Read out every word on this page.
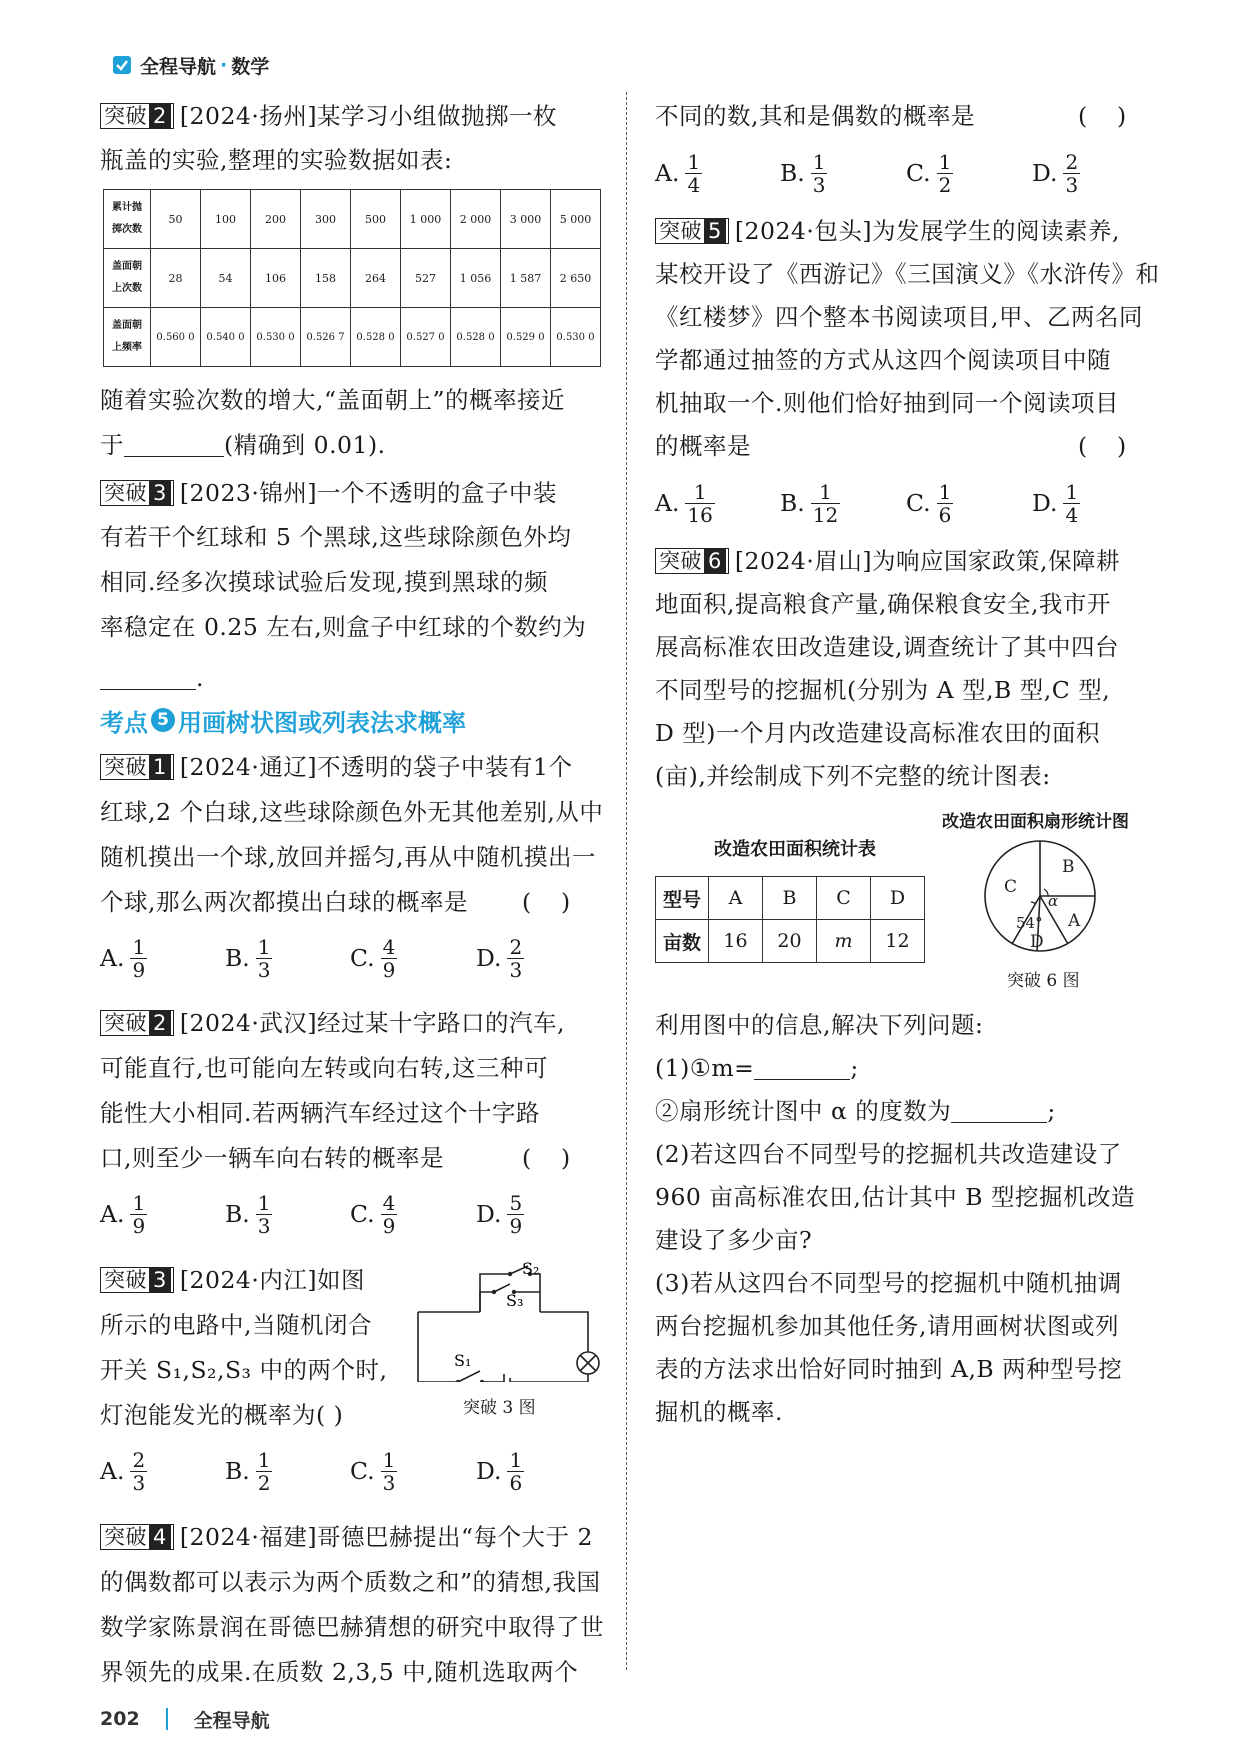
全程导航 · 数学
突破 2 [2024·扬州]某学习小组做抛掷一枚
瓶盖的实验,整理的实验数据如表:
累计抛
掷次数	50	100	200	300	500	1 000	2 000	3 000	5 000
盖面朝
上次数	28	54	106	158	264	527	1 056	1 587	2 650
盖面朝
上频率	0.560 0	0.540 0	0.530 0	0.526 7	0.528 0	0.527 0	0.528 0	0.529 0	0.530 0
随着实验次数的增大,“盖面朝上”的概率接近
于	(精确到 0.01).
突破 3 [2023·锦州]一个不透明的盒子中装
有若干个红球和 5 个黑球,这些球除颜色外均
相同.经多次摸球试验后发现,摸到黑球的频
率稳定在 0.25 左右,则盒子中红球的个数约为
.
考点 5 用画树状图或列表法求概率
突破 1 [2024·通辽]不透明的袋子中装有1个
红球,2 个白球,这些球除颜色外无其他差别,从中
随机摸出一个球,放回并摇匀,再从中随机摸出一
个球,那么两次都摸出白球的概率是 (    )
A. $\frac{1}{9}$	B. $\frac{1}{3}$	C. $\frac{4}{9}$	D. $\frac{2}{3}$
突破 2 [2024·武汉]经过某十字路口的汽车,
可能直行,也可能向左转或向右转,这三种可
能性大小相同.若两辆汽车经过这个十字路
口,则至少一辆车向右转的概率是	(    )
A. $\frac{1}{9}$	B. $\frac{1}{3}$	C. $\frac{4}{9}$	D. $\frac{5}{9}$
突破 3 [2024·内江]如图
所示的电路中,当随机闭合
开关 S₁,S₂,S₃ 中的两个时,
灯泡能发光的概率为( )
S₁
S₂
S₃
突破 3 图
A. $\frac{2}{3}$	B. $\frac{1}{2}$	C. $\frac{1}{3}$	D. $\frac{1}{6}$
突破 4 [2024·福建]哥德巴赫提出“每个大于 2
的偶数都可以表示为两个质数之和”的猜想,我国
数学家陈景润在哥德巴赫猜想的研究中取得了世
界领先的成果.在质数 2,3,5 中,随机选取两个
不同的数,其和是偶数的概率是	(    )
A. $\frac{1}{4}$	B. $\frac{1}{3}$	C. $\frac{1}{2}$	D. $\frac{2}{3}$
突破 5 [2024·包头]为发展学生的阅读素养,
某校开设了《西游记》《三国演义》《水浒传》和
《红楼梦》四个整本书阅读项目,甲、乙两名同
学都通过抽签的方式从这四个阅读项目中随
机抽取一个.则他们恰好抽到同一个阅读项目
的概率是	(    )
A. $\frac{1}{16}$	B. $\frac{1}{12}$	C. $\frac{1}{6}$	D. $\frac{1}{4}$
突破 6 [2024·眉山]为响应国家政策,保障耕
地面积,提高粮食产量,确保粮食安全,我市开
展高标准农田改造建设,调查统计了其中四台
不同型号的挖掘机(分别为 A 型,B 型,C 型,
D 型)一个月内改造建设高标准农田的面积
(亩),并绘制成下列不完整的统计图表:
改造农田面积统计表
型号	A	B	C	D
亩数	16	20	m	12
改造农田面积扇形统计图
B
C
A
D
α
54°
突破 6 图
利用图中的信息,解决下列问题:
(1)①m=	;
②扇形统计图中 α 的度数为	;
(2)若这四台不同型号的挖掘机共改造建设了
960 亩高标准农田,估计其中 B 型挖掘机改造
建设了多少亩?
(3)若从这四台不同型号的挖掘机中随机抽调
两台挖掘机参加其他任务,请用画树状图或列
表的方法求出恰好同时抽到 A,B 两种型号挖
掘机的概率.
202	全程导航
